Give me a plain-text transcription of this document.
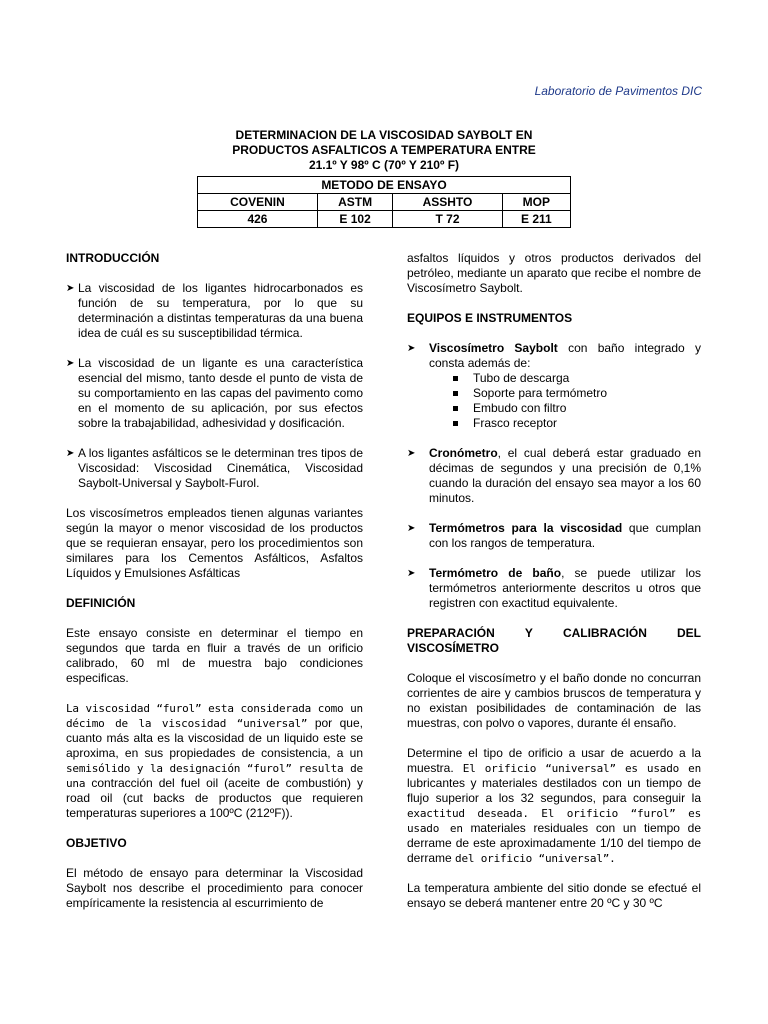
Laboratorio de Pavimentos DIC
DETERMINACION DE LA VISCOSIDAD SAYBOLT EN
PRODUCTOS ASFALTICOS A TEMPERATURA ENTRE
21.1º Y 98º C (70º Y 210º F)
METODO DE ENSAYO			
COVENIN	ASTM	ASSHTO	MOP
426	E 102	T 72	E 211
INTRODUCCIÓN
➤ La viscosidad de los ligantes hidrocarbonados es función de su temperatura, por lo que su determinación a distintas temperaturas da una buena idea de cuál es su susceptibilidad térmica.
➤ La viscosidad de un ligante es una característica esencial del mismo, tanto desde el punto de vista de su comportamiento en las capas del pavimento como en el momento de su aplicación, por sus efectos sobre la trabajabilidad, adhesividad y dosificación.
➤ A los ligantes asfálticos se le determinan tres tipos de Viscosidad: Viscosidad Cinemática, Viscosidad Saybolt-Universal y Saybolt-Furol.

Los viscosímetros empleados tienen algunas variantes según la mayor o menor viscosidad de los productos que se requieran ensayar, pero los procedimientos son similares para los Cementos Asfálticos, Asfaltos Líquidos y Emulsiones Asfálticas

DEFINICIÓN

Este ensayo consiste en determinar el tiempo en segundos que tarda en fluir a través de un orificio calibrado, 60 ml de muestra bajo condiciones especificas.

La viscosidad “furol” esta considerada como un décimo de la viscosidad “universal” por que, cuanto más alta es la viscosidad de un liquido este se aproxima, en sus propiedades de consistencia, a un semisólido y la designación “furol” resulta de una contracción del fuel oil (aceite de combustión) y road oil (cut backs de productos que requieren temperaturas superiores a 100ºC (212ºF)).

OBJETIVO

El método de ensayo para determinar la Viscosidad Saybolt nos describe el procedimiento para conocer empíricamente la resistencia al escurrimiento de

asfaltos líquidos y otros productos derivados del petróleo, mediante un aparato que recibe el nombre de Viscosímetro Saybolt.

EQUIPOS E INSTRUMENTOS
➤ Viscosímetro Saybolt con baño integrado y consta además de:
Tubo de descarga
Soporte para termómetro
Embudo con filtro
Frasco receptor
➤ Cronómetro, el cual deberá estar graduado en décimas de segundos y una precisión de 0,1% cuando la duración del ensayo sea mayor a los 60 minutos.
➤ Termómetros para la viscosidad que cumplan con los rangos de temperatura.
➤ Termómetro de baño, se puede utilizar los termómetros anteriormente descritos u otros que registren con exactitud equivalente.
PREPARACIÓN	Y	CALIBRACIÓN	DEL
VISCOSÍMETRO

Coloque el viscosímetro y el baño donde no concurran corrientes de aire y cambios bruscos de temperatura y no existan posibilidades de contaminación de las muestras, con polvo o vapores, durante él ensaño.

Determine el tipo de orificio a usar de acuerdo a la muestra. El orificio “universal” es usado en lubricantes y materiales destilados con un tiempo de flujo superior a los 32 segundos, para conseguir la exactitud deseada. El orificio “furol” es usado en materiales residuales con un tiempo de derrame de este aproximadamente 1/10 del tiempo de derrame del orificio “universal”.

La temperatura ambiente del sitio donde se efectué el ensayo se deberá mantener entre 20 ºC y 30 ºC
